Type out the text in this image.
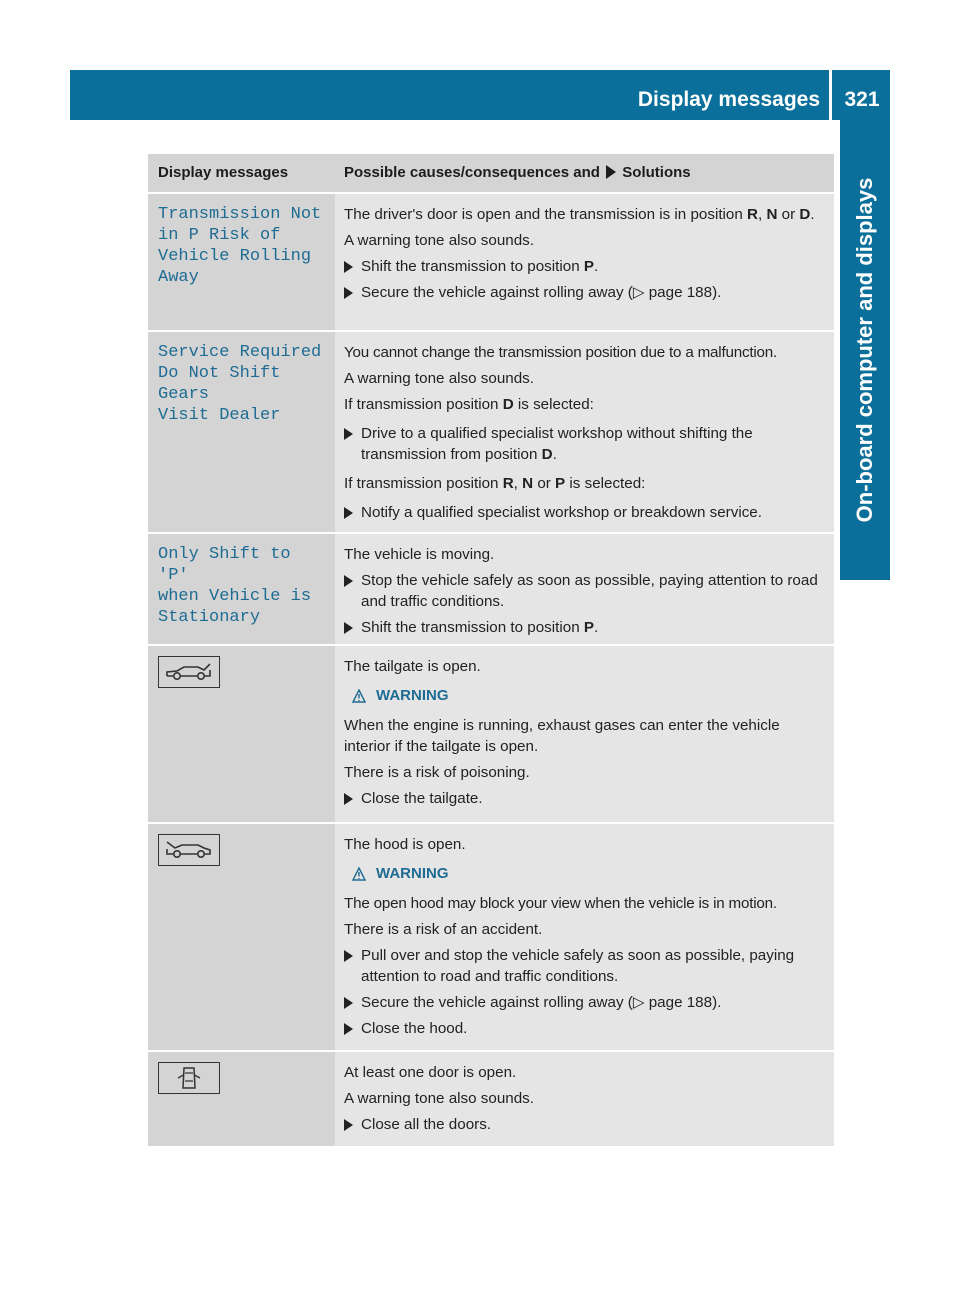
Display messages	321
On-board computer and displays
Display messages	Possible causes/consequences and Solutions
Transmission Not
in P Risk of
Vehicle Rolling
Away

The driver's door is open and the transmission is in position R, N or D.

A warning tone also sounds.

Shift the transmission to position P.
Secure the vehicle against rolling away (▷ page 188).
Service Required
Do Not Shift Gears
Visit Dealer

You cannot change the transmission position due to a malfunction.

A warning tone also sounds.

If transmission position D is selected:

Drive to a qualified specialist workshop without shifting the transmission from position D.

If transmission position R, N or P is selected:

Notify a qualified specialist workshop or breakdown service.
Only Shift to 'P'
when Vehicle is
Stationary

The vehicle is moving.

Stop the vehicle safely as soon as possible, paying attention to road and traffic conditions.
Shift the transmission to position P.

The tailgate is open.

WARNING

When the engine is running, exhaust gases can enter the vehicle interior if the tailgate is open.

There is a risk of poisoning.

Close the tailgate.

The hood is open.

WARNING

The open hood may block your view when the vehicle is in motion.

There is a risk of an accident.

Pull over and stop the vehicle safely as soon as possible, paying attention to road and traffic conditions.
Secure the vehicle against rolling away (▷ page 188).
Close the hood.

At least one door is open.

A warning tone also sounds.

Close all the doors.
